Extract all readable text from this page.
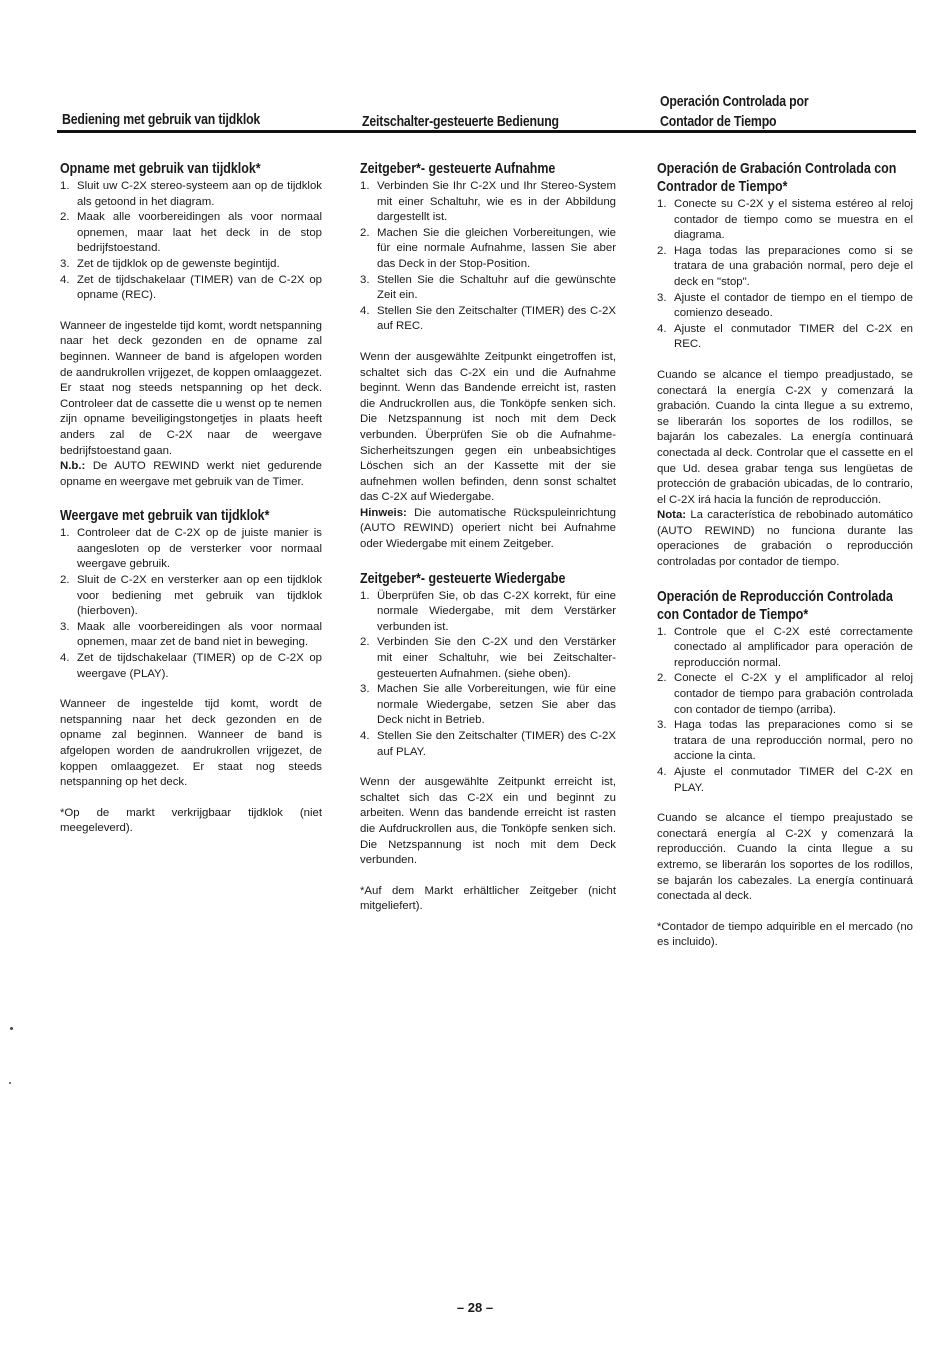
Bediening met gebruik van tijdklok	Zeitschalter-gesteuerte Bedienung
Operación Controlada por
Contador de Tiempo
Opname met gebruik van tijdklok*
1. Sluit uw C-2X stereo-systeem aan op de tijdklok als getoond in het diagram.
2. Maak alle voorbereidingen als voor normaal opnemen, maar laat het deck in de stop bedrijfstoestand.
3. Zet de tijdklok op de gewenste begintijd.
4. Zet de tijdschakelaar (TIMER) van de C-2X op opname (REC).

Wanneer de ingestelde tijd komt, wordt netspanning naar het deck gezonden en de opname zal beginnen. Wanneer de band is afgelopen worden de aandrukrollen vrijgezet, de koppen omlaaggezet. Er staat nog steeds netspanning op het deck. Controleer dat de cassette die u wenst op te nemen zijn opname beveiligingstongetjes in plaats heeft anders zal de C-2X naar de weergave bedrijfstoestand gaan.

N.b.: De AUTO REWIND werkt niet gedurende opname en weergave met gebruik van de Timer.

Weergave met gebruik van tijdklok*
1. Controleer dat de C-2X op de juiste manier is aangesloten op de versterker voor normaal weergave gebruik.
2. Sluit de C-2X en versterker aan op een tijdklok voor bediening met gebruik van tijdklok (hierboven).
3. Maak alle voorbereidingen als voor normaal opnemen, maar zet de band niet in beweging.
4. Zet de tijdschakelaar (TIMER) op de C-2X op weergave (PLAY).

Wanneer de ingestelde tijd komt, wordt de netspanning naar het deck gezonden en de opname zal beginnen. Wanneer de band is afgelopen worden de aandrukrollen vrijgezet, de koppen omlaaggezet. Er staat nog steeds netspanning op het deck.

*Op de markt verkrijgbaar tijdklok (niet meegeleverd).

Zeitgeber*- gesteuerte Aufnahme
1. Verbinden Sie Ihr C-2X und Ihr Stereo-System mit einer Schaltuhr, wie es in der Abbildung dargestellt ist.
2. Machen Sie die gleichen Vorbereitungen, wie für eine normale Aufnahme, lassen Sie aber das Deck in der Stop-Position.
3. Stellen Sie die Schaltuhr auf die gewünschte Zeit ein.
4. Stellen Sie den Zeitschalter (TIMER) des C-2X auf REC.

Wenn der ausgewählte Zeitpunkt eingetroffen ist, schaltet sich das C-2X ein und die Aufnahme beginnt. Wenn das Bandende erreicht ist, rasten die Andruckrollen aus, die Tonköpfe senken sich. Die Netzspannung ist noch mit dem Deck verbunden. Überprüfen Sie ob die Aufnahme-Sicherheitszungen gegen ein unbeabsichtiges Löschen sich an der Kassette mit der sie aufnehmen wollen befinden, denn sonst schaltet das C-2X auf Wiedergabe.

Hinweis: Die automatische Rückspuleinrichtung (AUTO REWIND) operiert nicht bei Aufnahme oder Wiedergabe mit einem Zeitgeber.

Zeitgeber*- gesteuerte Wiedergabe
1. Überprüfen Sie, ob das C-2X korrekt, für eine normale Wiedergabe, mit dem Verstärker verbunden ist.
2. Verbinden Sie den C-2X und den Verstärker mit einer Schaltuhr, wie bei Zeitschalter-gesteuerten Aufnahmen. (siehe oben).
3. Machen Sie alle Vorbereitungen, wie für eine normale Wiedergabe, setzen Sie aber das Deck nicht in Betrieb.
4. Stellen Sie den Zeitschalter (TIMER) des C-2X auf PLAY.

Wenn der ausgewählte Zeitpunkt erreicht ist, schaltet sich das C-2X ein und beginnt zu arbeiten. Wenn das bandende erreicht ist rasten die Aufdruckrollen aus, die Tonköpfe senken sich. Die Netzspannung ist noch mit dem Deck verbunden.

*Auf dem Markt erhältlicher Zeitgeber (nicht mitgeliefert).

Operación de Grabación Controlada con Contrador de Tiempo*
1. Conecte su C-2X y el sistema estéreo al reloj contador de tiempo como se muestra en el diagrama.
2. Haga todas las preparaciones como si se tratara de una grabación normal, pero deje el deck en "stop".
3. Ajuste el contador de tiempo en el tiempo de comienzo deseado.
4. Ajuste el conmutador TIMER del C-2X en REC.

Cuando se alcance el tiempo preadjustado, se conectará la energía C-2X y comenzará la grabación. Cuando la cinta llegue a su extremo, se liberarán los soportes de los rodillos, se bajarán los cabezales. La energía continuará conectada al deck. Controlar que el cassette en el que Ud. desea grabar tenga sus lengüetas de protección de grabación ubicadas, de lo contrario, el C-2X irá hacia la función de reproducción.

Nota: La característica de rebobinado automático (AUTO REWIND) no funciona durante las operaciones de grabación o reproducción controladas por contador de tiempo.

Operación de Reproducción Controlada con Contador de Tiempo*
1. Controle que el C-2X esté correctamente conectado al amplificador para operación de reproducción normal.
2. Conecte el C-2X y el amplificador al reloj contador de tiempo para grabación controlada con contador de tiempo (arriba).
3. Haga todas las preparaciones como si se tratara de una reproducción normal, pero no accione la cinta.
4. Ajuste el conmutador TIMER del C-2X en PLAY.

Cuando se alcance el tiempo preajustado se conectará energía al C-2X y comenzará la reproducción. Cuando la cinta llegue a su extremo, se liberarán los soportes de los rodillos, se bajarán los cabezales. La energía continuará conectada al deck.

*Contador de tiempo adquirible en el mercado (no es incluido).

– 28 –
